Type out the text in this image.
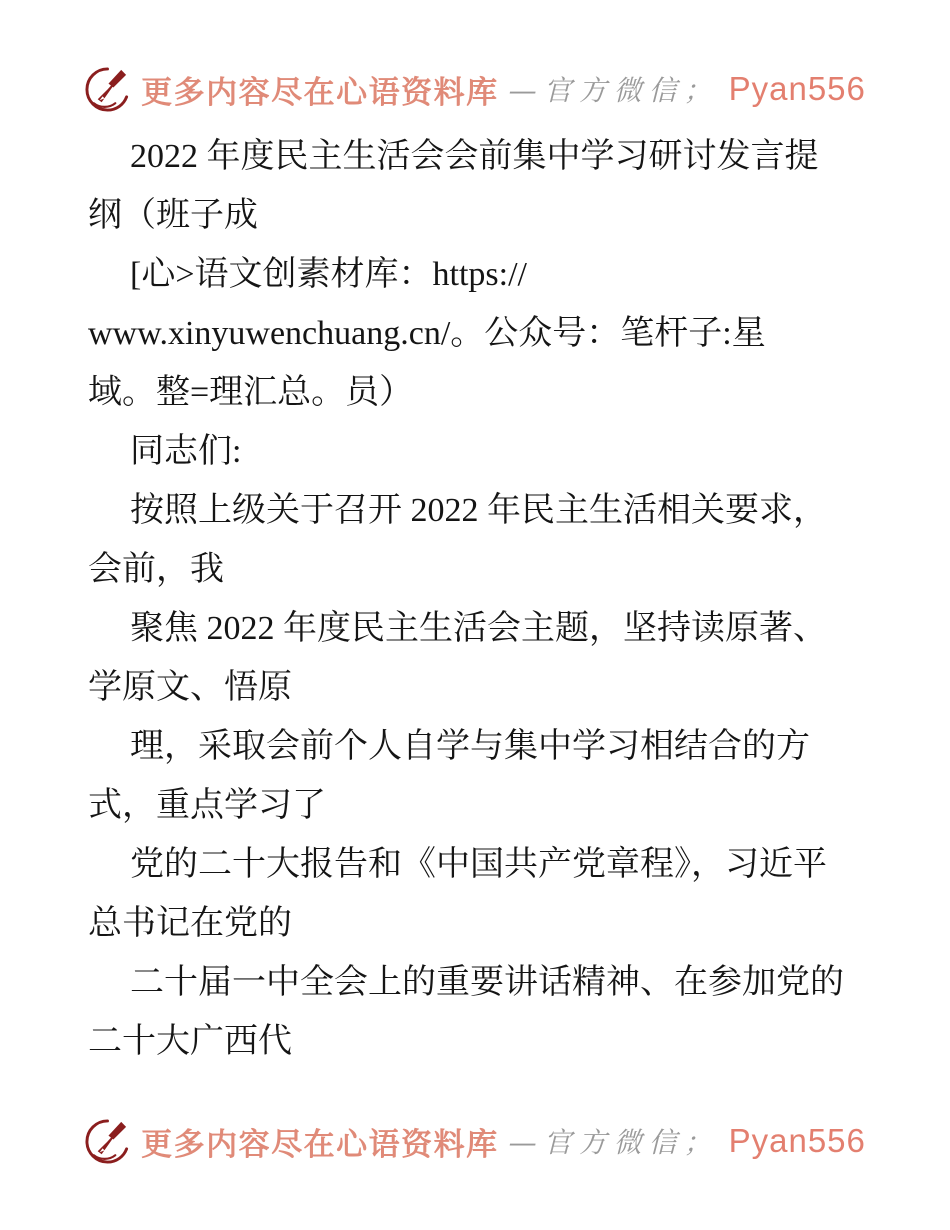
更多内容尽在心语资料库 —官方微信； Pyan556
2022 年度民主生活会会前集中学习研讨发言提
纲（班子成
[心>语文创素材库：https://
www.xinyuwenchuang.cn/。公众号：笔杆子:星
域。整=理汇总。员）
同志们:
按照上级关于召开 2022 年民主生活相关要求，
会前，我
聚焦 2022 年度民主生活会主题，坚持读原著、
学原文、悟原
理，采取会前个人自学与集中学习相结合的方
式，重点学习了
党的二十大报告和《中国共产党章程》，习近平
总书记在党的
二十届一中全会上的重要讲话精神、在参加党的
二十大广西代
更多内容尽在心语资料库 —官方微信； Pyan556
